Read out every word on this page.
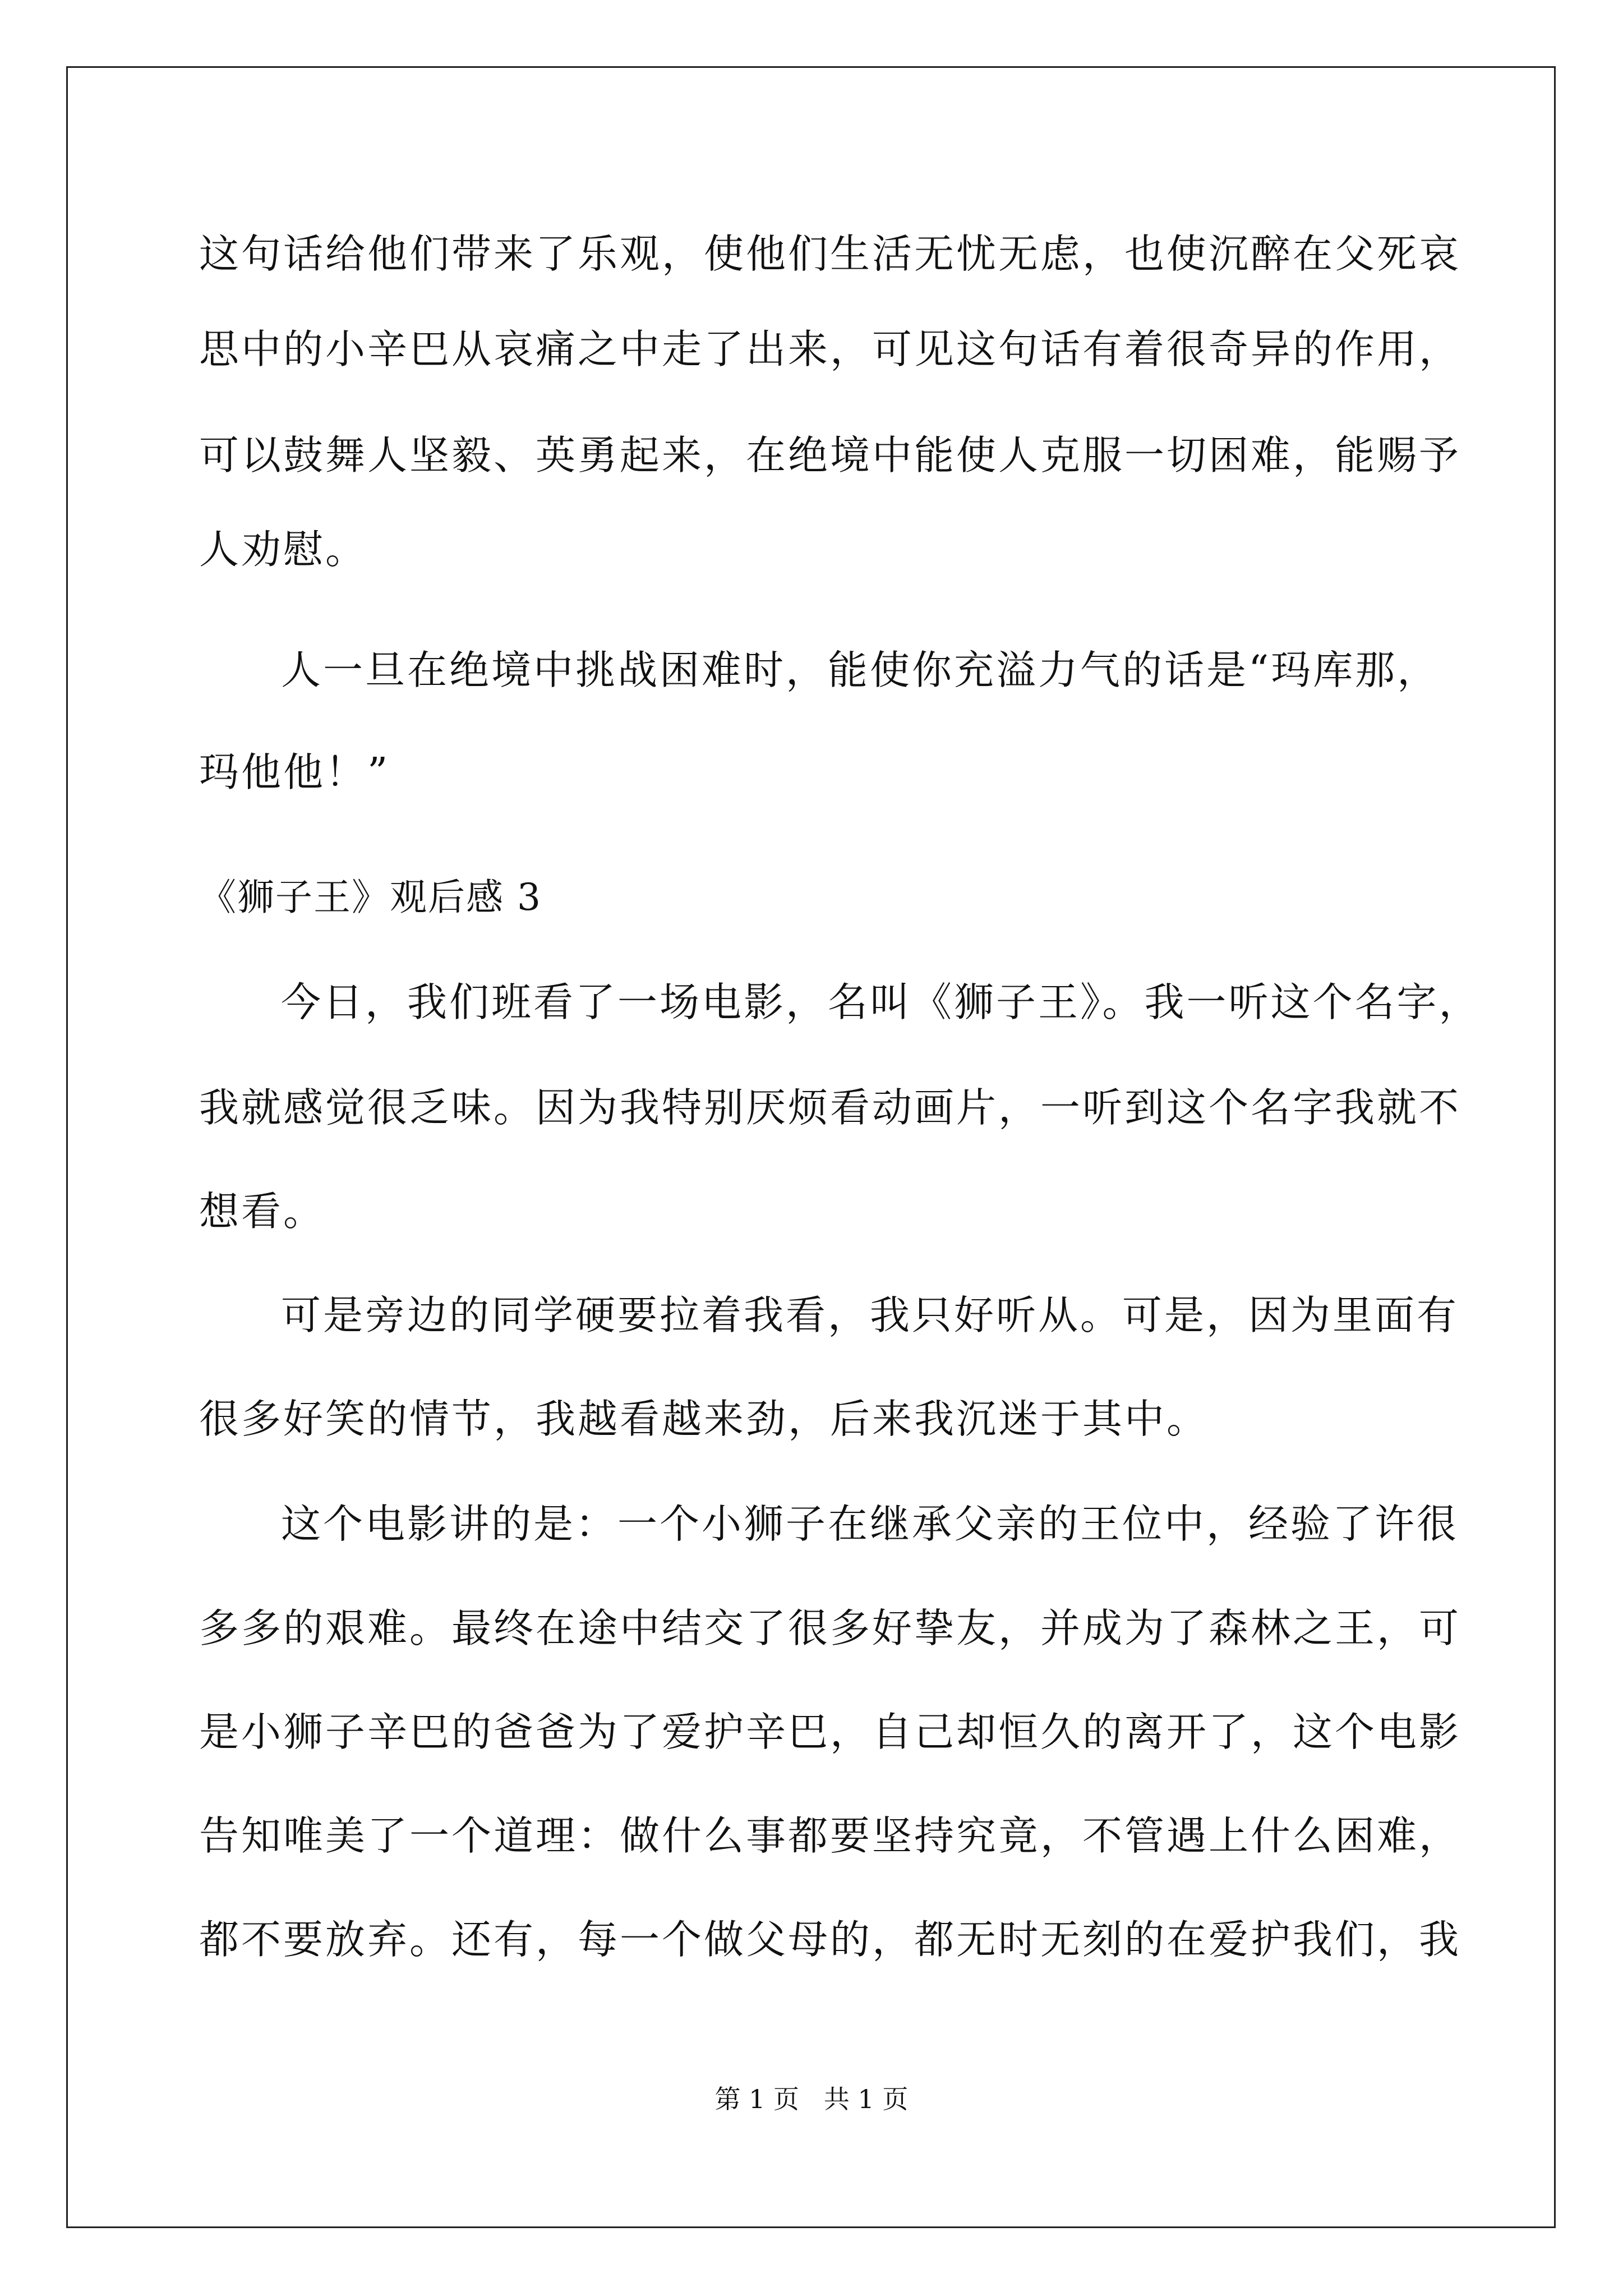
这句话给他们带来了乐观，使他们生活无忧无虑，也使沉醉在父死哀
思中的小辛巴从哀痛之中走了出来，可见这句话有着很奇异的作用，
可以鼓舞人坚毅、英勇起来，在绝境中能使人克服一切困难，能赐予
人劝慰。
人一旦在绝境中挑战困难时，能使你充溢力气的话是“玛库那，
玛他他！”
《狮子王》观后感 3
今日，我们班看了一场电影，名叫《狮子王》。我一听这个名字，
我就感觉很乏味。因为我特别厌烦看动画片，一听到这个名字我就不
想看。
可是旁边的同学硬要拉着我看，我只好听从。可是，因为里面有
很多好笑的情节，我越看越来劲，后来我沉迷于其中。
这个电影讲的是：一个小狮子在继承父亲的王位中，经验了许很
多多的艰难。最终在途中结交了很多好挚友，并成为了森林之王，可
是小狮子辛巴的爸爸为了爱护辛巴，自己却恒久的离开了，这个电影
告知唯美了一个道理：做什么事都要坚持究竟，不管遇上什么困难，
都不要放弃。还有，每一个做父母的，都无时无刻的在爱护我们，我
第 1 页   共 1 页
